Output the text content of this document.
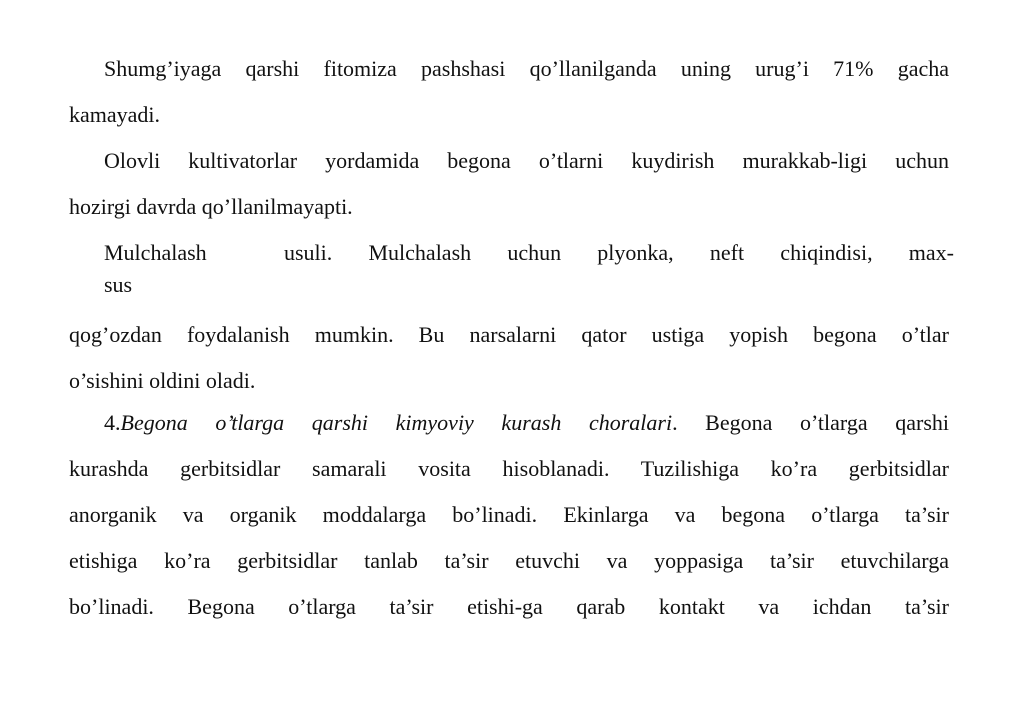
Shumg’iyaga qarshi fitomiza pashshasi qo’llanilganda uning urug’i 71% gacha
kamayadi.
Olovli kultivatorlar yordamida begona o’tlarni kuydirish murakkab-ligi uchun
hozirgi davrda qo’llanilmayapti.
Mulchalash	usuli. Mulchalash uchun plyonka, neft chiqindisi, max-
sus
qog’ozdan foydalanish mumkin. Bu narsalarni qator ustiga yopish begona o’tlar
o’sishini oldini oladi.
4.Begona o’tlarga qarshi kimyoviy kurash choralari. Begona o’tlarga qarshi
kurashda gerbitsidlar samarali vosita hisoblanadi. Tuzilishiga ko’ra gerbitsidlar
anorganik va organik moddalarga bo’linadi. Ekinlarga va begona o’tlarga ta’sir
etishiga ko’ra gerbitsidlar tanlab ta’sir etuvchi va yoppasiga ta’sir etuvchilarga
bo’linadi. Begona o’tlarga ta’sir etishi-ga qarab kontakt va ichdan ta’sir
